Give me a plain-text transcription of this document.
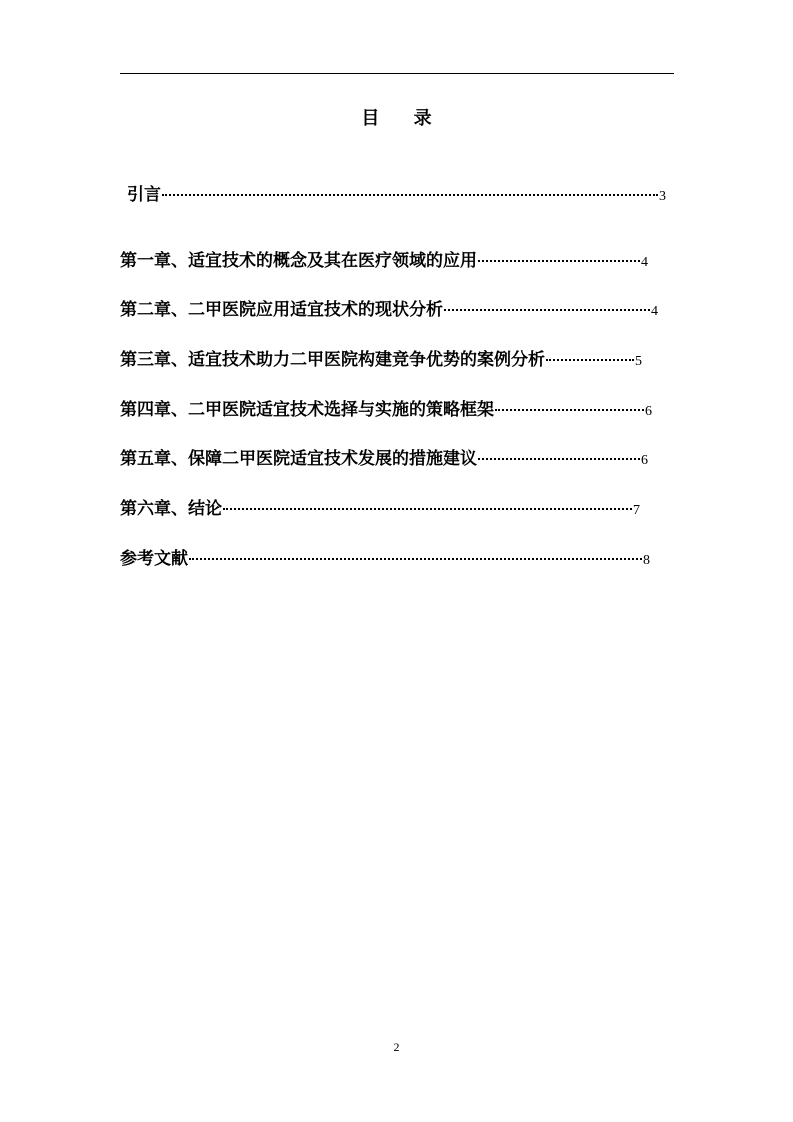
目 录
引言	3
第一章、适宜技术的概念及其在医疗领域的应用	4
第二章、二甲医院应用适宜技术的现状分析	4
第三章、适宜技术助力二甲医院构建竞争优势的案例分析	5
第四章、二甲医院适宜技术选择与实施的策略框架	6
第五章、保障二甲医院适宜技术发展的措施建议	6
第六章、结论	7
参考文献	8
2
